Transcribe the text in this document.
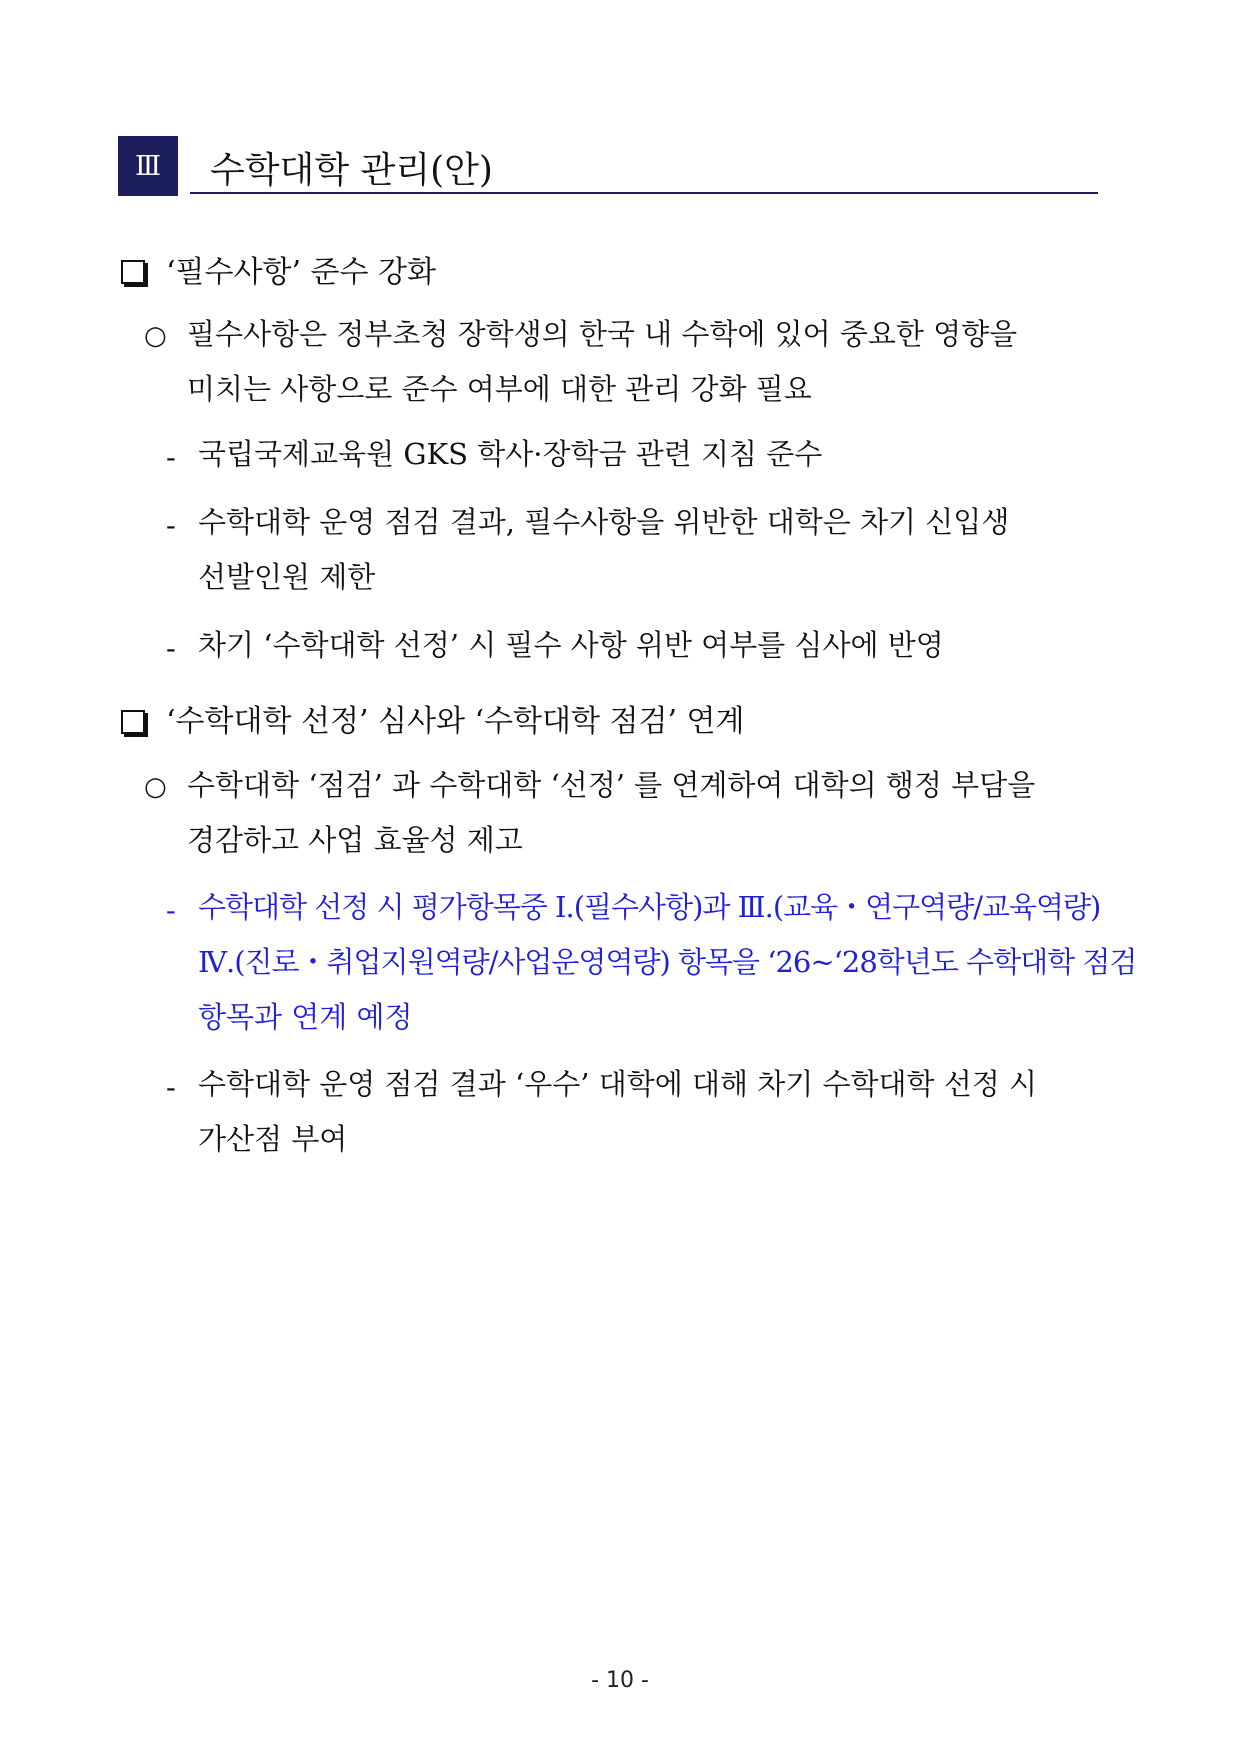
Ⅲ	수학대학 관리(안)
‘필수사항’ 준수 강화
○ 필수사항은 정부초청 장학생의 한국 내 수학에 있어 중요한 영향을
미치는 사항으로 준수 여부에 대한 관리 강화 필요
- 국립국제교육원 GKS 학사·장학금 관련 지침 준수
- 수학대학 운영 점검 결과, 필수사항을 위반한 대학은 차기 신입생
선발인원 제한
- 차기 ‘수학대학 선정’ 시 필수 사항 위반 여부를 심사에 반영
‘수학대학 선정’ 심사와 ‘수학대학 점검’ 연계
○ 수학대학 ‘점검’ 과 수학대학 ‘선정’ 를 연계하여 대학의 행정 부담을
경감하고 사업 효율성 제고
- 수학대학 선정 시 평가항목중 Ⅰ.(필수사항)과 Ⅲ.(교육・연구역량/교육역량)
Ⅳ.(진로・취업지원역량/사업운영역량) 항목을 ‘26~‘28학년도 수학대학 점검
항목과 연계 예정
- 수학대학 운영 점검 결과 ‘우수’ 대학에 대해 차기 수학대학 선정 시
가산점 부여
- 10 -
